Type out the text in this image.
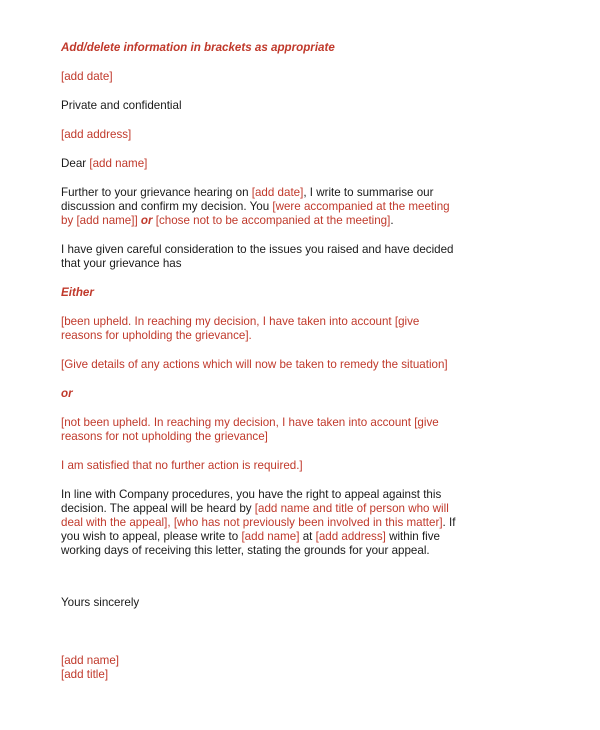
Add/delete information in brackets as appropriate
[add date]
Private and confidential
[add address]
Dear [add name]
Further to your grievance hearing on [add date], I write to summarise our
discussion and confirm my decision. You [were accompanied at the meeting
by [add name]] or [chose not to be accompanied at the meeting].
I have given careful consideration to the issues you raised and have decided
that your grievance has
Either
[been upheld. In reaching my decision, I have taken into account [give
reasons for upholding the grievance].
[Give details of any actions which will now be taken to remedy the situation]
or
[not been upheld. In reaching my decision, I have taken into account [give
reasons for not upholding the grievance]
I am satisfied that no further action is required.]
In line with Company procedures, you have the right to appeal against this
decision. The appeal will be heard by [add name and title of person who will
deal with the appeal], [who has not previously been involved in this matter]. If
you wish to appeal, please write to [add name] at [add address] within five
working days of receiving this letter, stating the grounds for your appeal.
Yours sincerely
[add name]
[add title]
